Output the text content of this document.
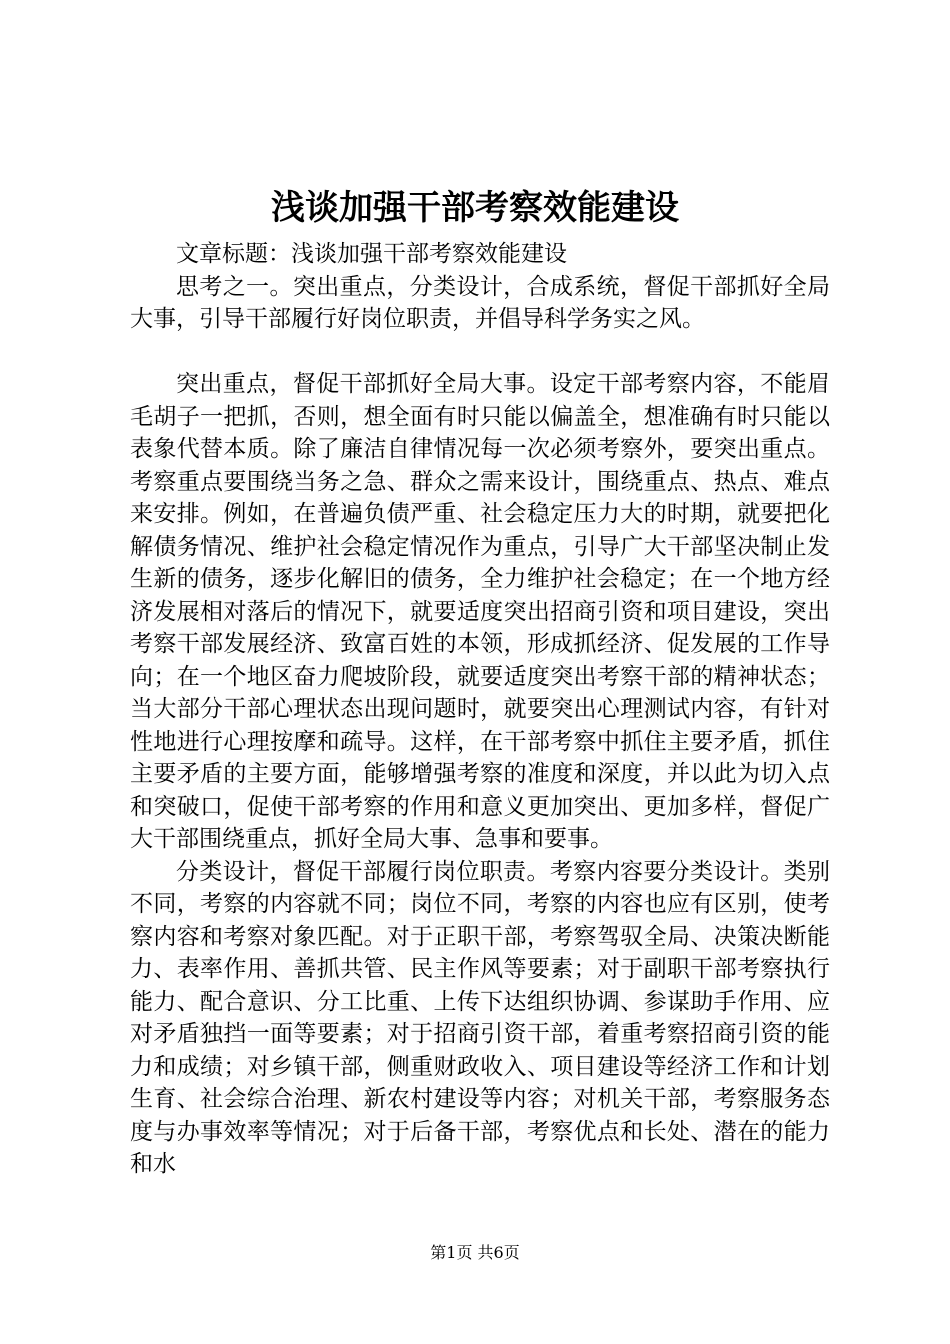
浅谈加强干部考察效能建设

文章标题：浅谈加强干部考察效能建设

思考之一。突出重点，分类设计，合成系统，督促干部抓好全局大事，引导干部履行好岗位职责，并倡导科学务实之风。

突出重点，督促干部抓好全局大事。设定干部考察内容，不能眉毛胡子一把抓，否则，想全面有时只能以偏盖全，想准确有时只能以表象代替本质。除了廉洁自律情况每一次必须考察外，要突出重点。考察重点要围绕当务之急、群众之需来设计，围绕重点、热点、难点来安排。例如，在普遍负债严重、社会稳定压力大的时期，就要把化解债务情况、维护社会稳定情况作为重点，引导广大干部坚决制止发生新的债务，逐步化解旧的债务，全力维护社会稳定；在一个地方经济发展相对落后的情况下，就要适度突出招商引资和项目建设，突出考察干部发展经济、致富百姓的本领，形成抓经济、促发展的工作导向；在一个地区奋力爬坡阶段，就要适度突出考察干部的精神状态；当大部分干部心理状态出现问题时，就要突出心理测试内容，有针对性地进行心理按摩和疏导。这样，在干部考察中抓住主要矛盾，抓住主要矛盾的主要方面，能够增强考察的准度和深度，并以此为切入点和突破口，促使干部考察的作用和意义更加突出、更加多样，督促广大干部围绕重点，抓好全局大事、急事和要事。

分类设计，督促干部履行岗位职责。考察内容要分类设计。类别不同，考察的内容就不同；岗位不同，考察的内容也应有区别，使考察内容和考察对象匹配。对于正职干部，考察驾驭全局、决策决断能力、表率作用、善抓共管、民主作风等要素；对于副职干部考察执行能力、配合意识、分工比重、上传下达组织协调、参谋助手作用、应对矛盾独挡一面等要素；对于招商引资干部，着重考察招商引资的能力和成绩；对乡镇干部，侧重财政收入、项目建设等经济工作和计划生育、社会综合治理、新农村建设等内容；对机关干部，考察服务态度与办事效率等情况；对于后备干部，考察优点和长处、潜在的能力和水

第1页 共6页
